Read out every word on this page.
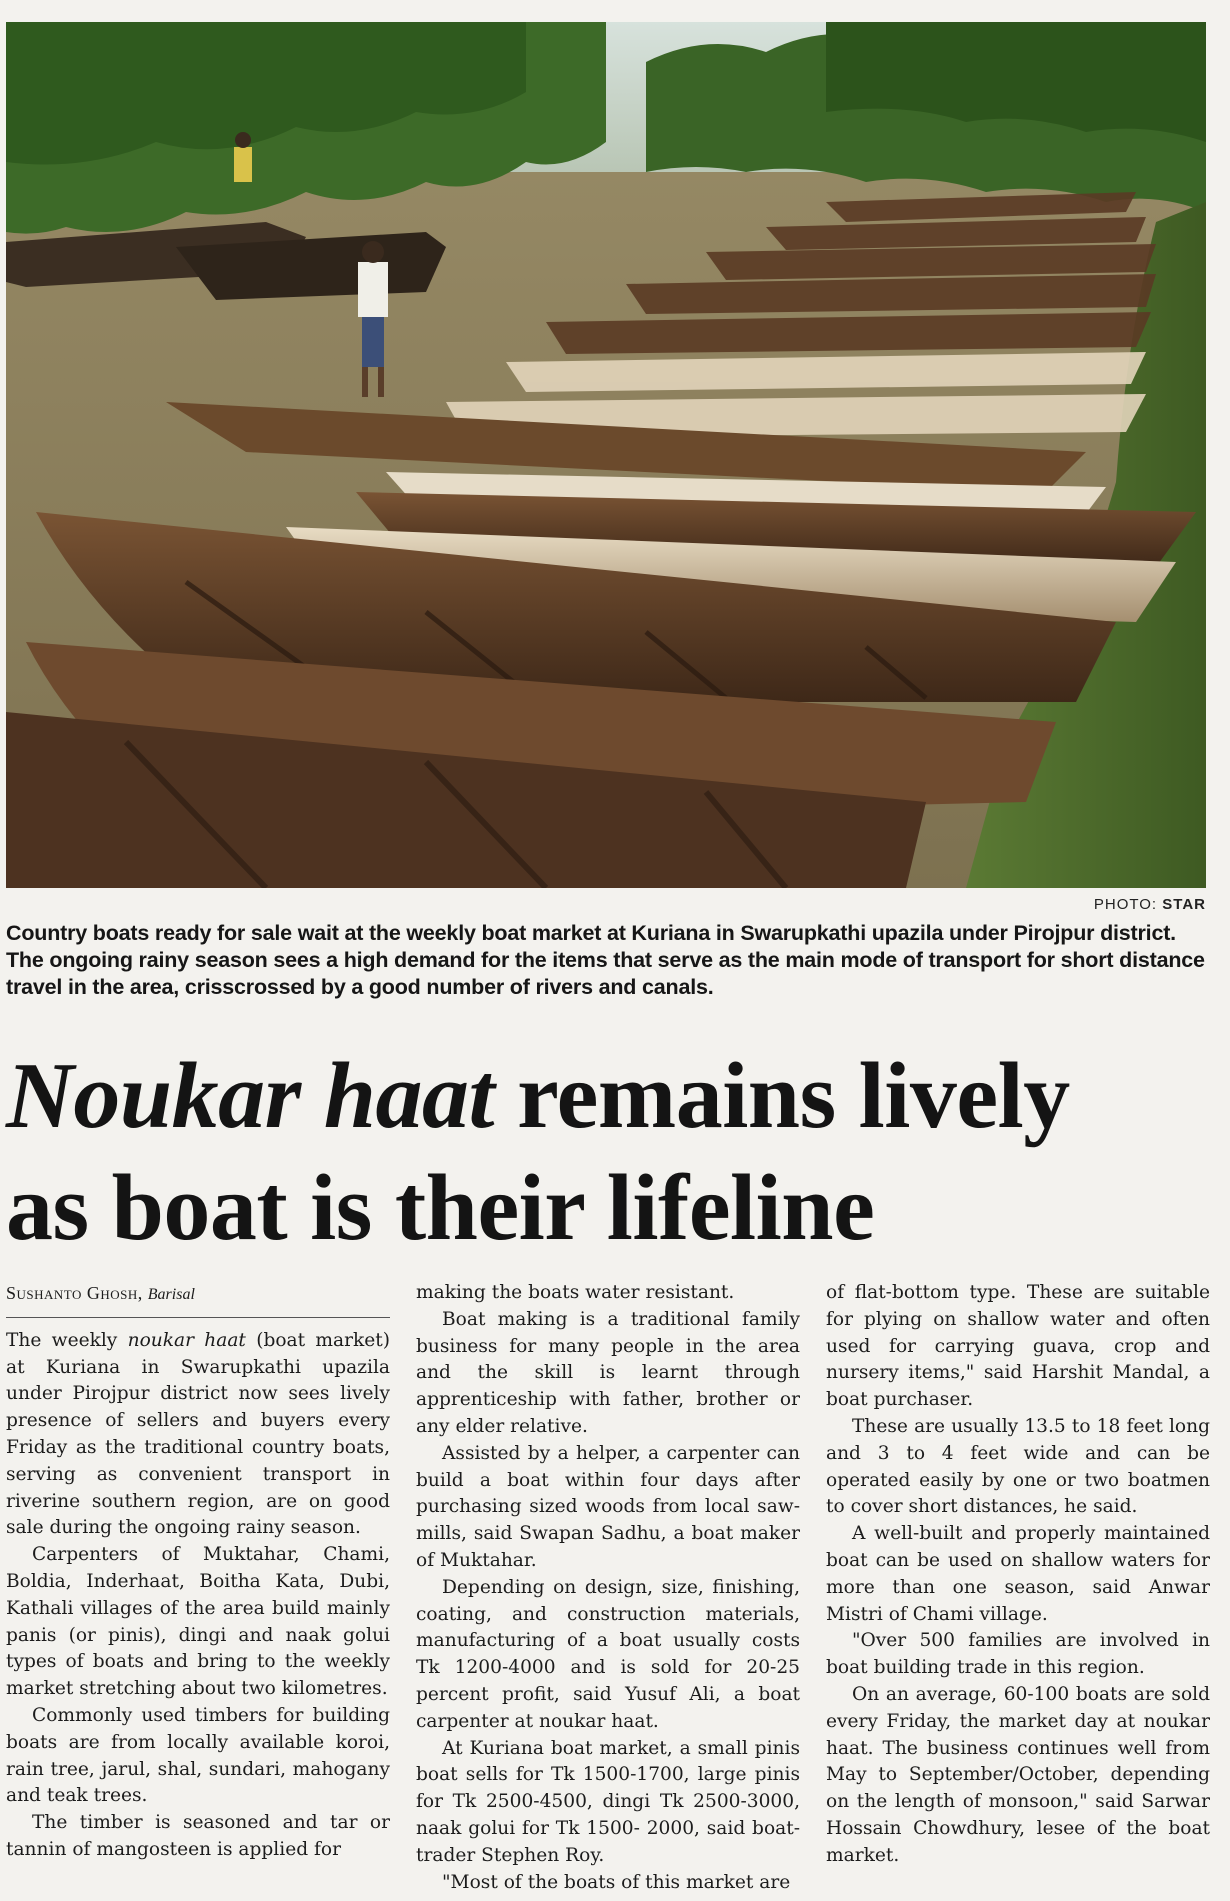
PHOTO: STAR
Country boats ready for sale wait at the weekly boat market at Kuriana in Swarupkathi upazila under Pirojpur district. The ongoing rainy season sees a high demand for the items that serve as the main mode of transport for short distance travel in the area, crisscrossed by a good number of rivers and canals.
Noukar haat remains lively
as boat is their lifeline
Sushanto Ghosh, Barisal

The weekly noukar haat (boat market) at Kuriana in Swarupkathi upazila under Pirojpur district now sees lively presence of sellers and buyers every Friday as the traditional country boats, serving as convenient transport in riverine southern region, are on good sale during the ongoing rainy season.

Carpenters of Muktahar, Chami, Boldia, Inderhaat, Boitha Kata, Dubi, Kathali villages of the area build mainly panis (or pinis), dingi and naak golui types of boats and bring to the weekly market stretching about two kilometres.

Commonly used timbers for building boats are from locally available koroi, rain tree, jarul, shal, sundari, mahogany and teak trees.

The timber is seasoned and tar or tannin of mangosteen is applied for

making the boats water resistant.

Boat making is a traditional family business for many people in the area and the skill is learnt through apprenticeship with father, brother or any elder relative.

Assisted by a helper, a carpenter can build a boat within four days after purchasing sized woods from local saw-mills, said Swapan Sadhu, a boat maker of Muktahar.

Depending on design, size, finishing, coating, and construction materials, manufacturing of a boat usually costs Tk 1200-4000 and is sold for 20-25 percent profit, said Yusuf Ali, a boat carpenter at noukar haat.

At Kuriana boat market, a small pinis boat sells for Tk 1500-1700, large pinis for Tk 2500-4500, dingi Tk 2500-3000, naak golui for Tk 1500- 2000, said boat-trader Stephen Roy.

"Most of the boats of this market are

of flat-bottom type. These are suitable for plying on shallow water and often used for carrying guava, crop and nursery items," said Harshit Mandal, a boat purchaser.

These are usually 13.5 to 18 feet long and 3 to 4 feet wide and can be operated easily by one or two boatmen to cover short distances, he said.

A well-built and properly maintained boat can be used on shallow waters for more than one season, said Anwar Mistri of Chami village.

"Over 500 families are involved in boat building trade in this region.

On an average, 60-100 boats are sold every Friday, the market day at noukar haat. The business continues well from May to September/October, depending on the length of monsoon," said Sarwar Hossain Chowdhury, lesee of the boat market.
